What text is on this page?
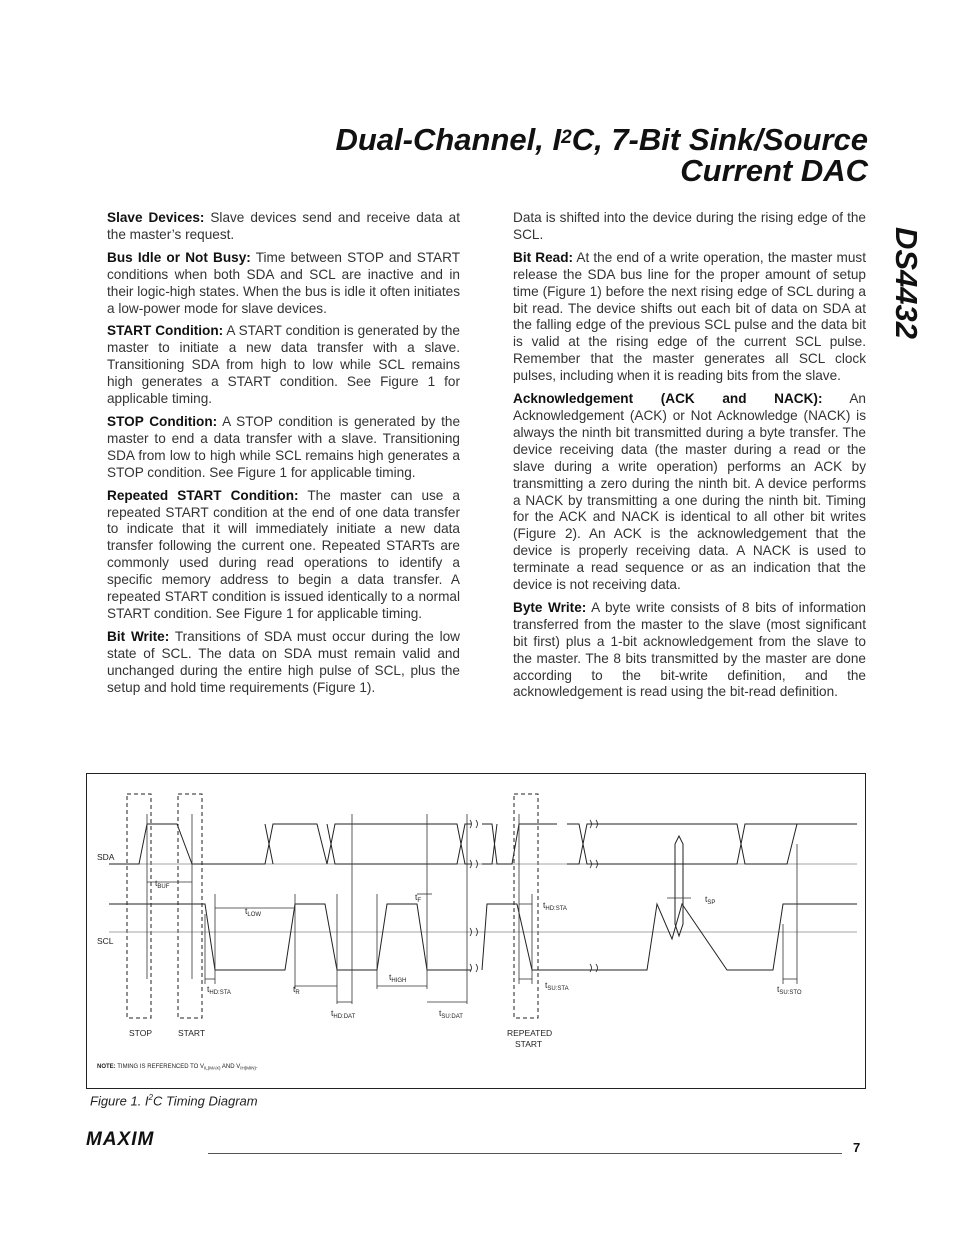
Dual-Channel, $I^2C$, 7-Bit Sink/Source
Current DAC
DS4432

Slave Devices: Slave devices send and receive data at the master’s request.

Bus Idle or Not Busy: Time between STOP and START conditions when both SDA and SCL are inactive and in their logic-high states. When the bus is idle it often initiates a low-power mode for slave devices.

START Condition: A START condition is generated by the master to initiate a new data transfer with a slave. Transitioning SDA from high to low while SCL remains high generates a START condition. See Figure 1 for applicable timing.

STOP Condition: A STOP condition is generated by the master to end a data transfer with a slave. Transitioning SDA from low to high while SCL remains high generates a STOP condition. See Figure 1 for applicable timing.

Repeated START Condition: The master can use a repeated START condition at the end of one data transfer to indicate that it will immediately initiate a new data transfer following the current one. Repeated STARTs are commonly used during read operations to identify a specific memory address to begin a data transfer. A repeated START condition is issued identically to a normal START condition. See Figure 1 for applicable timing.

Bit Write: Transitions of SDA must occur during the low state of SCL. The data on SDA must remain valid and unchanged during the entire high pulse of SCL, plus the setup and hold time requirements (Figure 1).

Data is shifted into the device during the rising edge of the SCL.

Bit Read: At the end of a write operation, the master must release the SDA bus line for the proper amount of setup time (Figure 1) before the next rising edge of SCL during a bit read. The device shifts out each bit of data on SDA at the falling edge of the previous SCL pulse and the data bit is valid at the rising edge of the current SCL pulse. Remember that the master generates all SCL clock pulses, including when it is reading bits from the slave.

Acknowledgement (ACK and NACK): An Acknowledgement (ACK) or Not Acknowledge (NACK) is always the ninth bit transmitted during a byte transfer. The device receiving data (the master during a read or the slave during a write operation) performs an ACK by transmitting a zero during the ninth bit. A device performs a NACK by transmitting a one during the ninth bit. Timing for the ACK and NACK is identical to all other bit writes (Figure 2). An ACK is the acknowledgement that the device is properly receiving data. A NACK is used to terminate a read sequence or as an indication that the device is not receiving data.

Byte Write: A byte write consists of 8 bits of information transferred from the master to the slave (most significant bit first) plus a 1-bit acknowledgement from the slave to the master. The 8 bits transmitted by the master are done according to the bit-write definition, and the acknowledgement is read using the bit-read definition.

SDA
SCL
STOP	START	REPEATED
START
$t_{BUF}$
$t_{LOW}$
$t_F$	$t_{HD:STA}$
$t_{SP}$
$t_{HD:STA}$	$t_R$
$t_{HIGH}$
$t_{HD:DAT}$	$t_{SU:DAT}$
$t_{SU:STA}$	$t_{SU:STO}$
NOTE: TIMING IS REFERENCED TO $V_{IL(MAX)}$ AND $V_{IH(MIN)}$.
Figure 1. $I^2C$ Timing Diagram
MAXIM	7
